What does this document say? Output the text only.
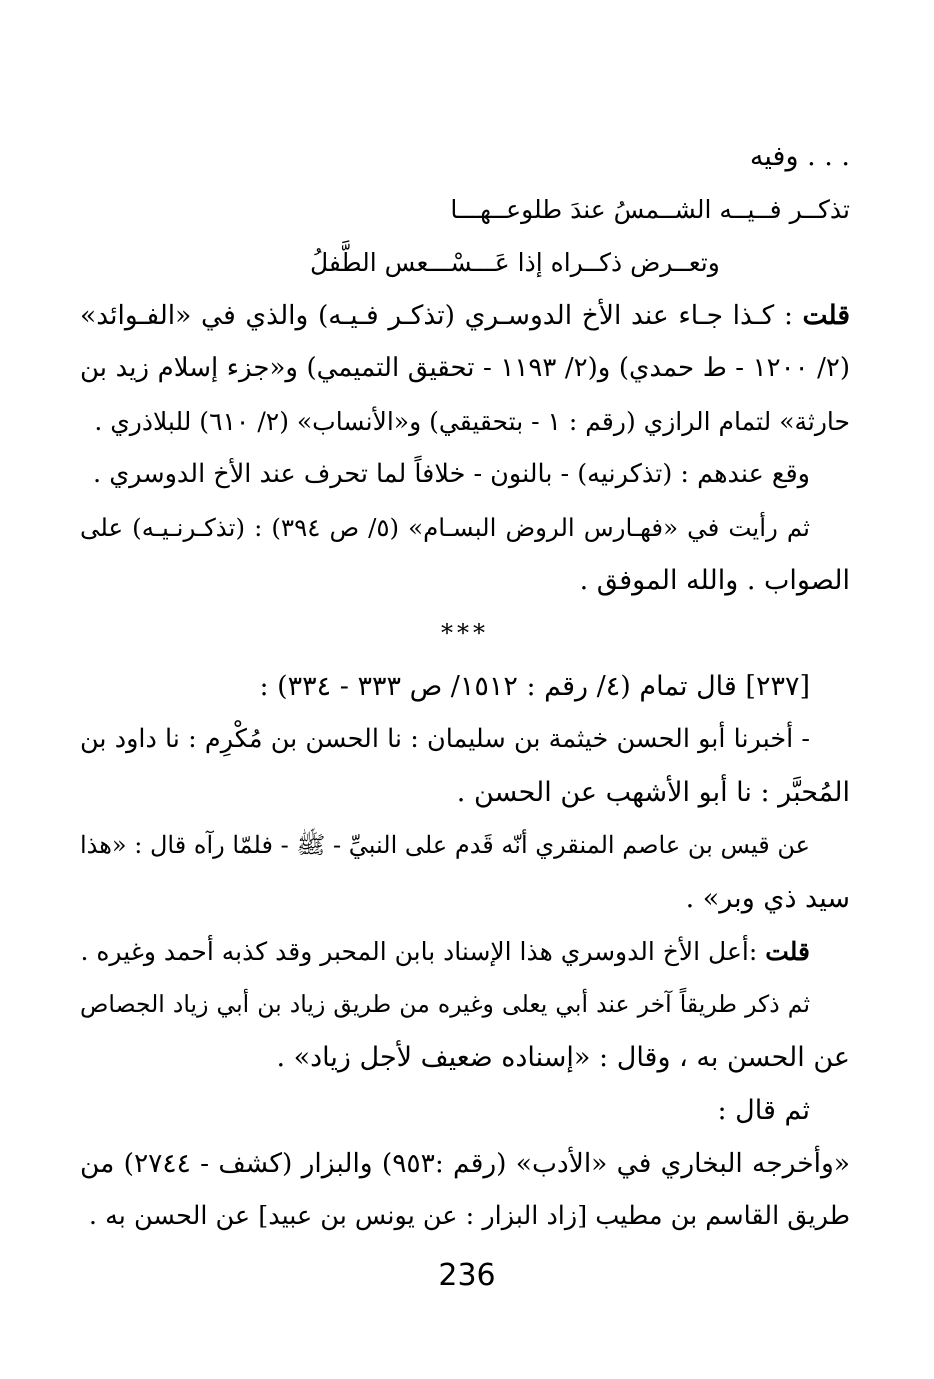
. . . وفيه
تذكــر فــيــه الشــمسُ عندَ طلوعــهـــا
وتعــرض ذكــراه إذا عَـــسْـــعس الطَّفلُ
قلت : كـذا جـاء عند الأخ الدوسـري (تذكـر فـيـه) والذي في «الفـوائد»
(٢/ ١٢٠٠ - ط حمدي) و(٢/ ١١٩٣ - تحقيق التميمي) و«جزء إسلام زيد بن
حارثة» لتمام الرازي (رقم : ١ - بتحقيقي) و«الأنساب» (٢/ ٦١٠) للبلاذري .
وقع عندهم : (تذكرنيه) - بالنون - خلافاً لما تحرف عند الأخ الدوسري .
ثم رأيت في «فهـارس الروض البسـام» (٥/ ص ٣٩٤) : (تذكـرنـيـه) على
الصواب . والله الموفق .
***
[٢٣٧] قال تمام (٤/ رقم : ١٥١٢/ ص ٣٣٣ - ٣٣٤) :
- أخبرنا أبو الحسن خيثمة بن سليمان : نا الحسن بن مُكْرِم : نا داود بن
المُحبَّر : نا أبو الأشهب عن الحسن .
عن قيس بن عاصم المنقري أنّه قَدم على النبيِّ - ﷺ - فلمّا رآه قال : «هذا
سيد ذي وبر» .
قلت :أعل الأخ الدوسري هذا الإسناد بابن المحبر وقد كذبه أحمد وغيره .
ثم ذكر طريقاً آخر عند أبي يعلى وغيره من طريق زياد بن أبي زياد الجصاص
عن الحسن به ، وقال : «إسناده ضعيف لأجل زياد» .
ثم قال :
«وأخرجه البخاري في «الأدب» (رقم :٩٥٣) والبزار (كشف - ٢٧٤٤) من
طريق القاسم بن مطيب [زاد البزار : عن يونس بن عبيد] عن الحسن به .
236
